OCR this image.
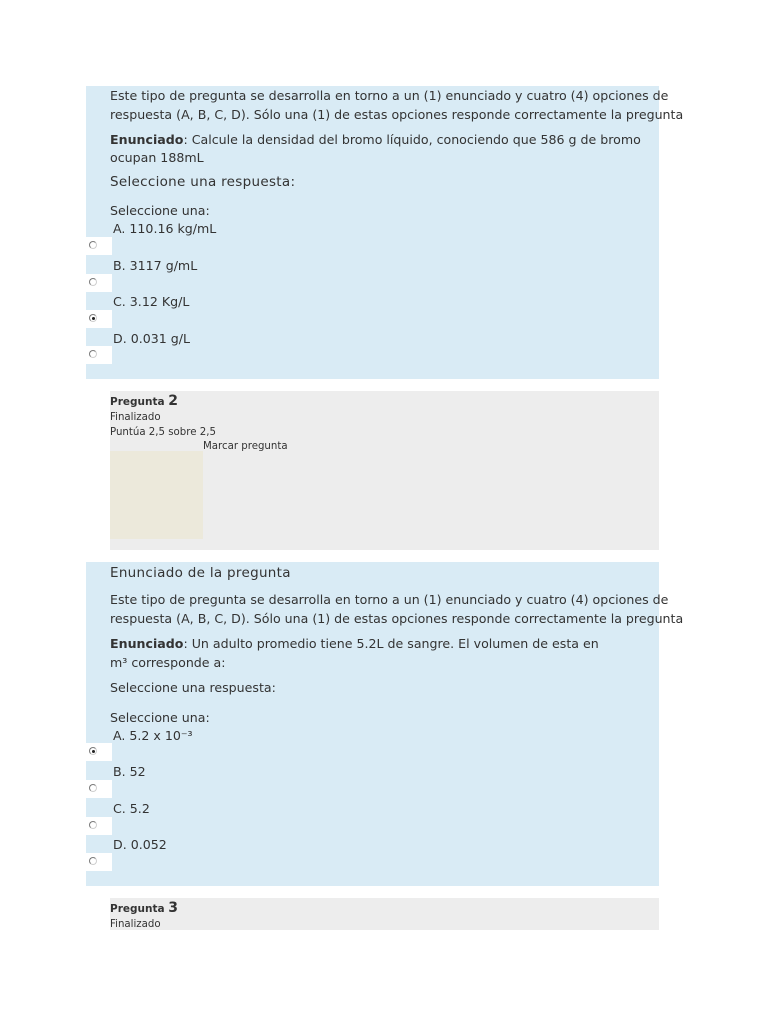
Este tipo de pregunta se desarrolla en torno a un (1) enunciado y cuatro (4) opciones de
respuesta (A, B, C, D). Sólo una (1) de estas opciones responde correctamente la pregunta
Enunciado: Calcule la densidad del bromo líquido, conociendo que 586 g de bromo
ocupan 188mL
Seleccione una respuesta:
Seleccione una:
A. 110.16 kg/mL
B. 3117 g/mL
C. 3.12 Kg/L
D. 0.031 g/L
Pregunta 2
Finalizado
Puntúa 2,5 sobre 2,5
Marcar pregunta
Enunciado de la pregunta
Este tipo de pregunta se desarrolla en torno a un (1) enunciado y cuatro (4) opciones de
respuesta (A, B, C, D). Sólo una (1) de estas opciones responde correctamente la pregunta
Enunciado: Un adulto promedio tiene 5.2L de sangre. El volumen de esta en
m³ corresponde a:
Seleccione una respuesta:
Seleccione una:
A. 5.2 x 10⁻³
B. 52
C. 5.2
D. 0.052
Pregunta 3
Finalizado
